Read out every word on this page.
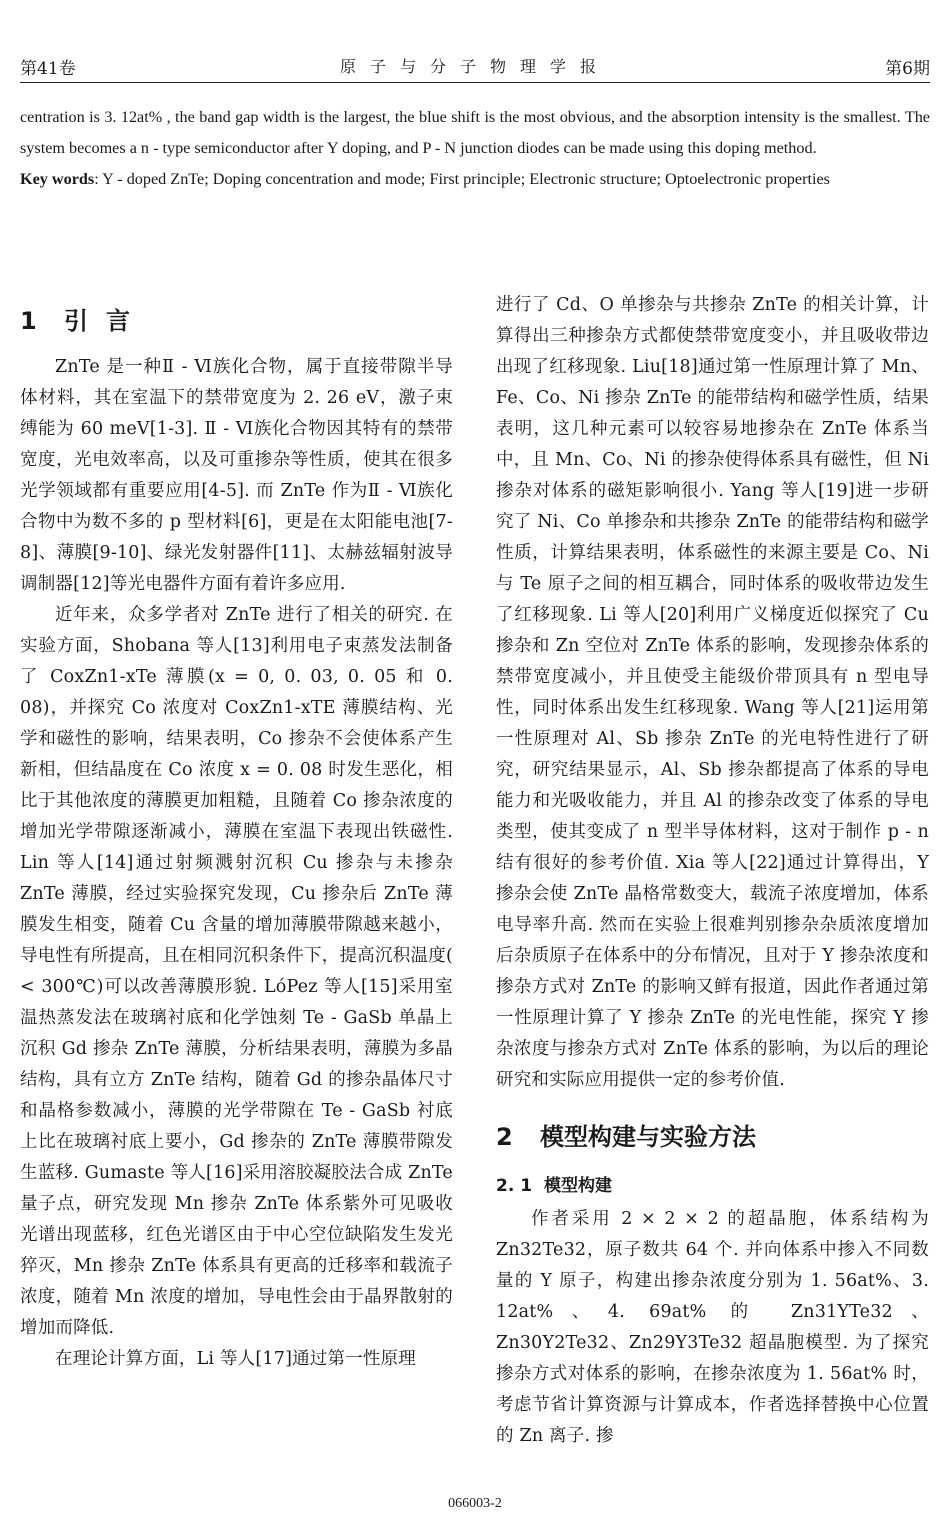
第41卷	原子与分子物理学报	第6期

centration is 3. 12at% , the band gap width is the largest, the blue shift is the most obvious, and the absorption intensity is the smallest. The system becomes a n - type semiconductor after Y doping, and P - N junction diodes can be made using this doping method.

Key words: Y - doped ZnTe; Doping concentration and mode; First principle; Electronic structure; Optoelectronic properties

1 引言

ZnTe 是一种Ⅱ - Ⅵ族化合物，属于直接带隙半导体材料，其在室温下的禁带宽度为 2. 26 eV，激子束缚能为 60 meV[1-3]. Ⅱ - Ⅵ族化合物因其特有的禁带宽度，光电效率高，以及可重掺杂等性质，使其在很多光学领域都有重要应用[4-5]. 而 ZnTe 作为Ⅱ - Ⅵ族化合物中为数不多的 p 型材料[6]，更是在太阳能电池[7-8]、薄膜[9-10]、绿光发射器件[11]、太赫兹辐射波导调制器[12]等光电器件方面有着许多应用.

近年来，众多学者对 ZnTe 进行了相关的研究. 在实验方面，Shobana 等人[13]利用电子束蒸发法制备了 CoxZn1-xTe 薄膜(x = 0, 0. 03, 0. 05 和 0. 08)，并探究 Co 浓度对 CoxZn1-xTE 薄膜结构、光学和磁性的影响，结果表明，Co 掺杂不会使体系产生新相，但结晶度在 Co 浓度 x = 0. 08 时发生恶化，相比于其他浓度的薄膜更加粗糙，且随着 Co 掺杂浓度的增加光学带隙逐渐减小，薄膜在室温下表现出铁磁性. Lin 等人[14]通过射频溅射沉积 Cu 掺杂与未掺杂 ZnTe 薄膜，经过实验探究发现，Cu 掺杂后 ZnTe 薄膜发生相变，随着 Cu 含量的增加薄膜带隙越来越小，导电性有所提高，且在相同沉积条件下，提高沉积温度( < 300℃)可以改善薄膜形貌. LóPez 等人[15]采用室温热蒸发法在玻璃衬底和化学蚀刻 Te - GaSb 单晶上沉积 Gd 掺杂 ZnTe 薄膜，分析结果表明，薄膜为多晶结构，具有立方 ZnTe 结构，随着 Gd 的掺杂晶体尺寸和晶格参数减小，薄膜的光学带隙在 Te - GaSb 衬底上比在玻璃衬底上要小，Gd 掺杂的 ZnTe 薄膜带隙发生蓝移. Gumaste 等人[16]采用溶胶凝胶法合成 ZnTe 量子点，研究发现 Mn 掺杂 ZnTe 体系紫外可见吸收光谱出现蓝移，红色光谱区由于中心空位缺陷发生发光猝灭，Mn 掺杂 ZnTe 体系具有更高的迁移率和载流子浓度，随着 Mn 浓度的增加，导电性会由于晶界散射的增加而降低.

在理论计算方面，Li 等人[17]通过第一性原理

进行了 Cd、O 单掺杂与共掺杂 ZnTe 的相关计算，计算得出三种掺杂方式都使禁带宽度变小，并且吸收带边出现了红移现象. Liu[18]通过第一性原理计算了 Mn、Fe、Co、Ni 掺杂 ZnTe 的能带结构和磁学性质，结果表明，这几种元素可以较容易地掺杂在 ZnTe 体系当中，且 Mn、Co、Ni 的掺杂使得体系具有磁性，但 Ni 掺杂对体系的磁矩影响很小. Yang 等人[19]进一步研究了 Ni、Co 单掺杂和共掺杂 ZnTe 的能带结构和磁学性质，计算结果表明，体系磁性的来源主要是 Co、Ni 与 Te 原子之间的相互耦合，同时体系的吸收带边发生了红移现象. Li 等人[20]利用广义梯度近似探究了 Cu 掺杂和 Zn 空位对 ZnTe 体系的影响，发现掺杂体系的禁带宽度减小，并且使受主能级价带顶具有 n 型电导性，同时体系出发生红移现象. Wang 等人[21]运用第一性原理对 Al、Sb 掺杂 ZnTe 的光电特性进行了研究，研究结果显示，Al、Sb 掺杂都提高了体系的导电能力和光吸收能力，并且 Al 的掺杂改变了体系的导电类型，使其变成了 n 型半导体材料，这对于制作 p - n 结有很好的参考价值. Xia 等人[22]通过计算得出，Y 掺杂会使 ZnTe 晶格常数变大，载流子浓度增加，体系电导率升高. 然而在实验上很难判别掺杂杂质浓度增加后杂质原子在体系中的分布情况，且对于 Y 掺杂浓度和掺杂方式对 ZnTe 的影响又鲜有报道，因此作者通过第一性原理计算了 Y 掺杂 ZnTe 的光电性能，探究 Y 掺杂浓度与掺杂方式对 ZnTe 体系的影响，为以后的理论研究和实际应用提供一定的参考价值.

2 模型构建与实验方法
2. 1 模型构建

作者采用 2 × 2 × 2 的超晶胞，体系结构为 Zn32Te32，原子数共 64 个. 并向体系中掺入不同数量的 Y 原子，构建出掺杂浓度分别为 1. 56at%、3. 12at%、4. 69at% 的 Zn31YTe32、Zn30Y2Te32、Zn29Y3Te32 超晶胞模型. 为了探究掺杂方式对体系的影响，在掺杂浓度为 1. 56at% 时，考虑节省计算资源与计算成本，作者选择替换中心位置的 Zn 离子. 掺

066003-2
